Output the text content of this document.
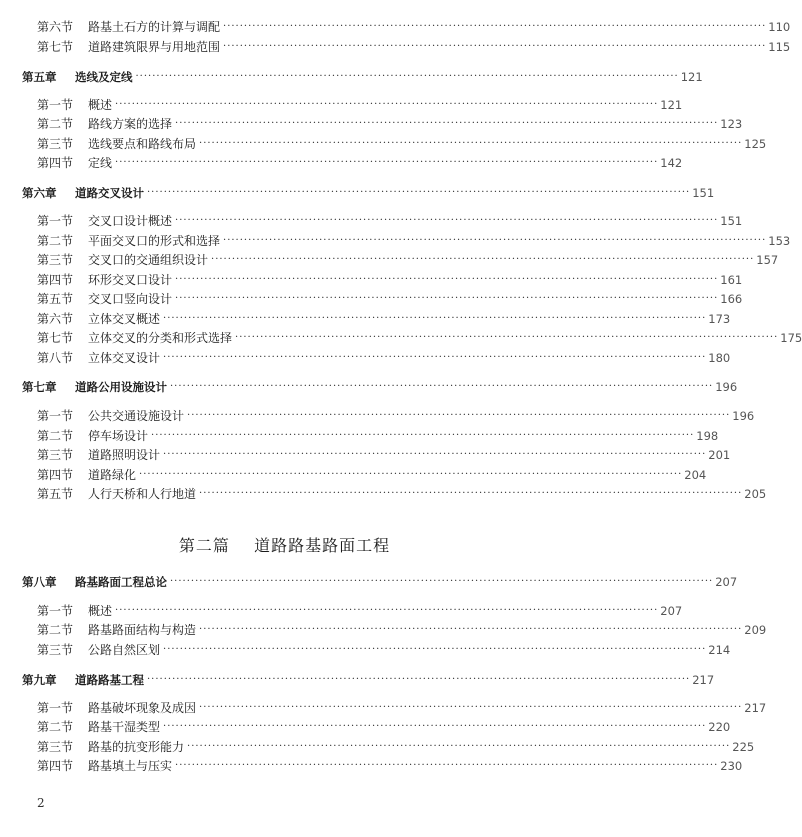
第六节	路基土石方的计算与调配 ·································································································································· 110
第七节	道路建筑限界与用地范围 ·································································································································· 115
第五章 选线及定线 ·································································································································· 121
第一节	概述 ·································································································································· 121
第二节	路线方案的选择 ·································································································································· 123
第三节	选线要点和路线布局 ·································································································································· 125
第四节	定线 ·································································································································· 142
第六章 道路交叉设计 ·································································································································· 151
第一节	交叉口设计概述 ·································································································································· 151
第二节	平面交叉口的形式和选择 ·································································································································· 153
第三节	交叉口的交通组织设计 ·································································································································· 157
第四节	环形交叉口设计 ·································································································································· 161
第五节	交叉口竖向设计 ·································································································································· 166
第六节	立体交叉概述 ·································································································································· 173
第七节	立体交叉的分类和形式选择 ·································································································································· 175
第八节	立体交叉设计 ·································································································································· 180
第七章 道路公用设施设计 ·································································································································· 196
第一节	公共交通设施设计 ·································································································································· 196
第二节	停车场设计 ·································································································································· 198
第三节	道路照明设计 ·································································································································· 201
第四节	道路绿化 ·································································································································· 204
第五节	人行天桥和人行地道 ·································································································································· 205
第八章 路基路面工程总论 ·································································································································· 207
第一节	概述 ·································································································································· 207
第二节	路基路面结构与构造 ·································································································································· 209
第三节	公路自然区划 ·································································································································· 214
第九章 道路路基工程 ·································································································································· 217
第一节	路基破坏现象及成因 ·································································································································· 217
第二节	路基干湿类型 ·································································································································· 220
第三节	路基的抗变形能力 ·································································································································· 225
第四节	路基填土与压实 ·································································································································· 230
第二篇    道路路基路面工程
2
